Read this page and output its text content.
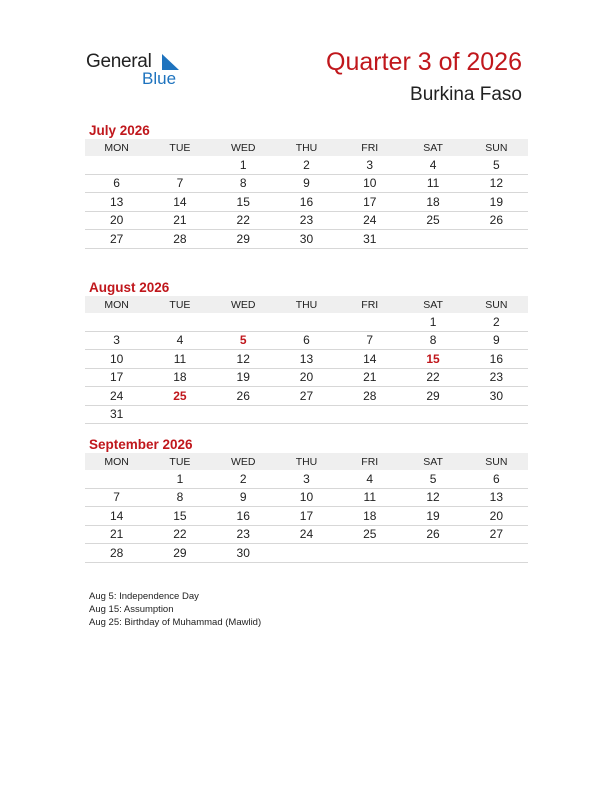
General
Blue
Quarter 3 of 2026
Burkina Faso
July 2026
MON	TUE	WED	THU	FRI	SAT	SUN
		1	2	3	4	5
6	7	8	9	10	11	12
13	14	15	16	17	18	19
20	21	22	23	24	25	26
27	28	29	30	31		
August 2026
MON	TUE	WED	THU	FRI	SAT	SUN
					1	2
3	4	5	6	7	8	9
10	11	12	13	14	15	16
17	18	19	20	21	22	23
24	25	26	27	28	29	30
31						
September 2026
MON	TUE	WED	THU	FRI	SAT	SUN
	1	2	3	4	5	6
7	8	9	10	11	12	13
14	15	16	17	18	19	20
21	22	23	24	25	26	27
28	29	30				
Aug 5: Independence Day
Aug 15: Assumption
Aug 25: Birthday of Muhammad (Mawlid)
